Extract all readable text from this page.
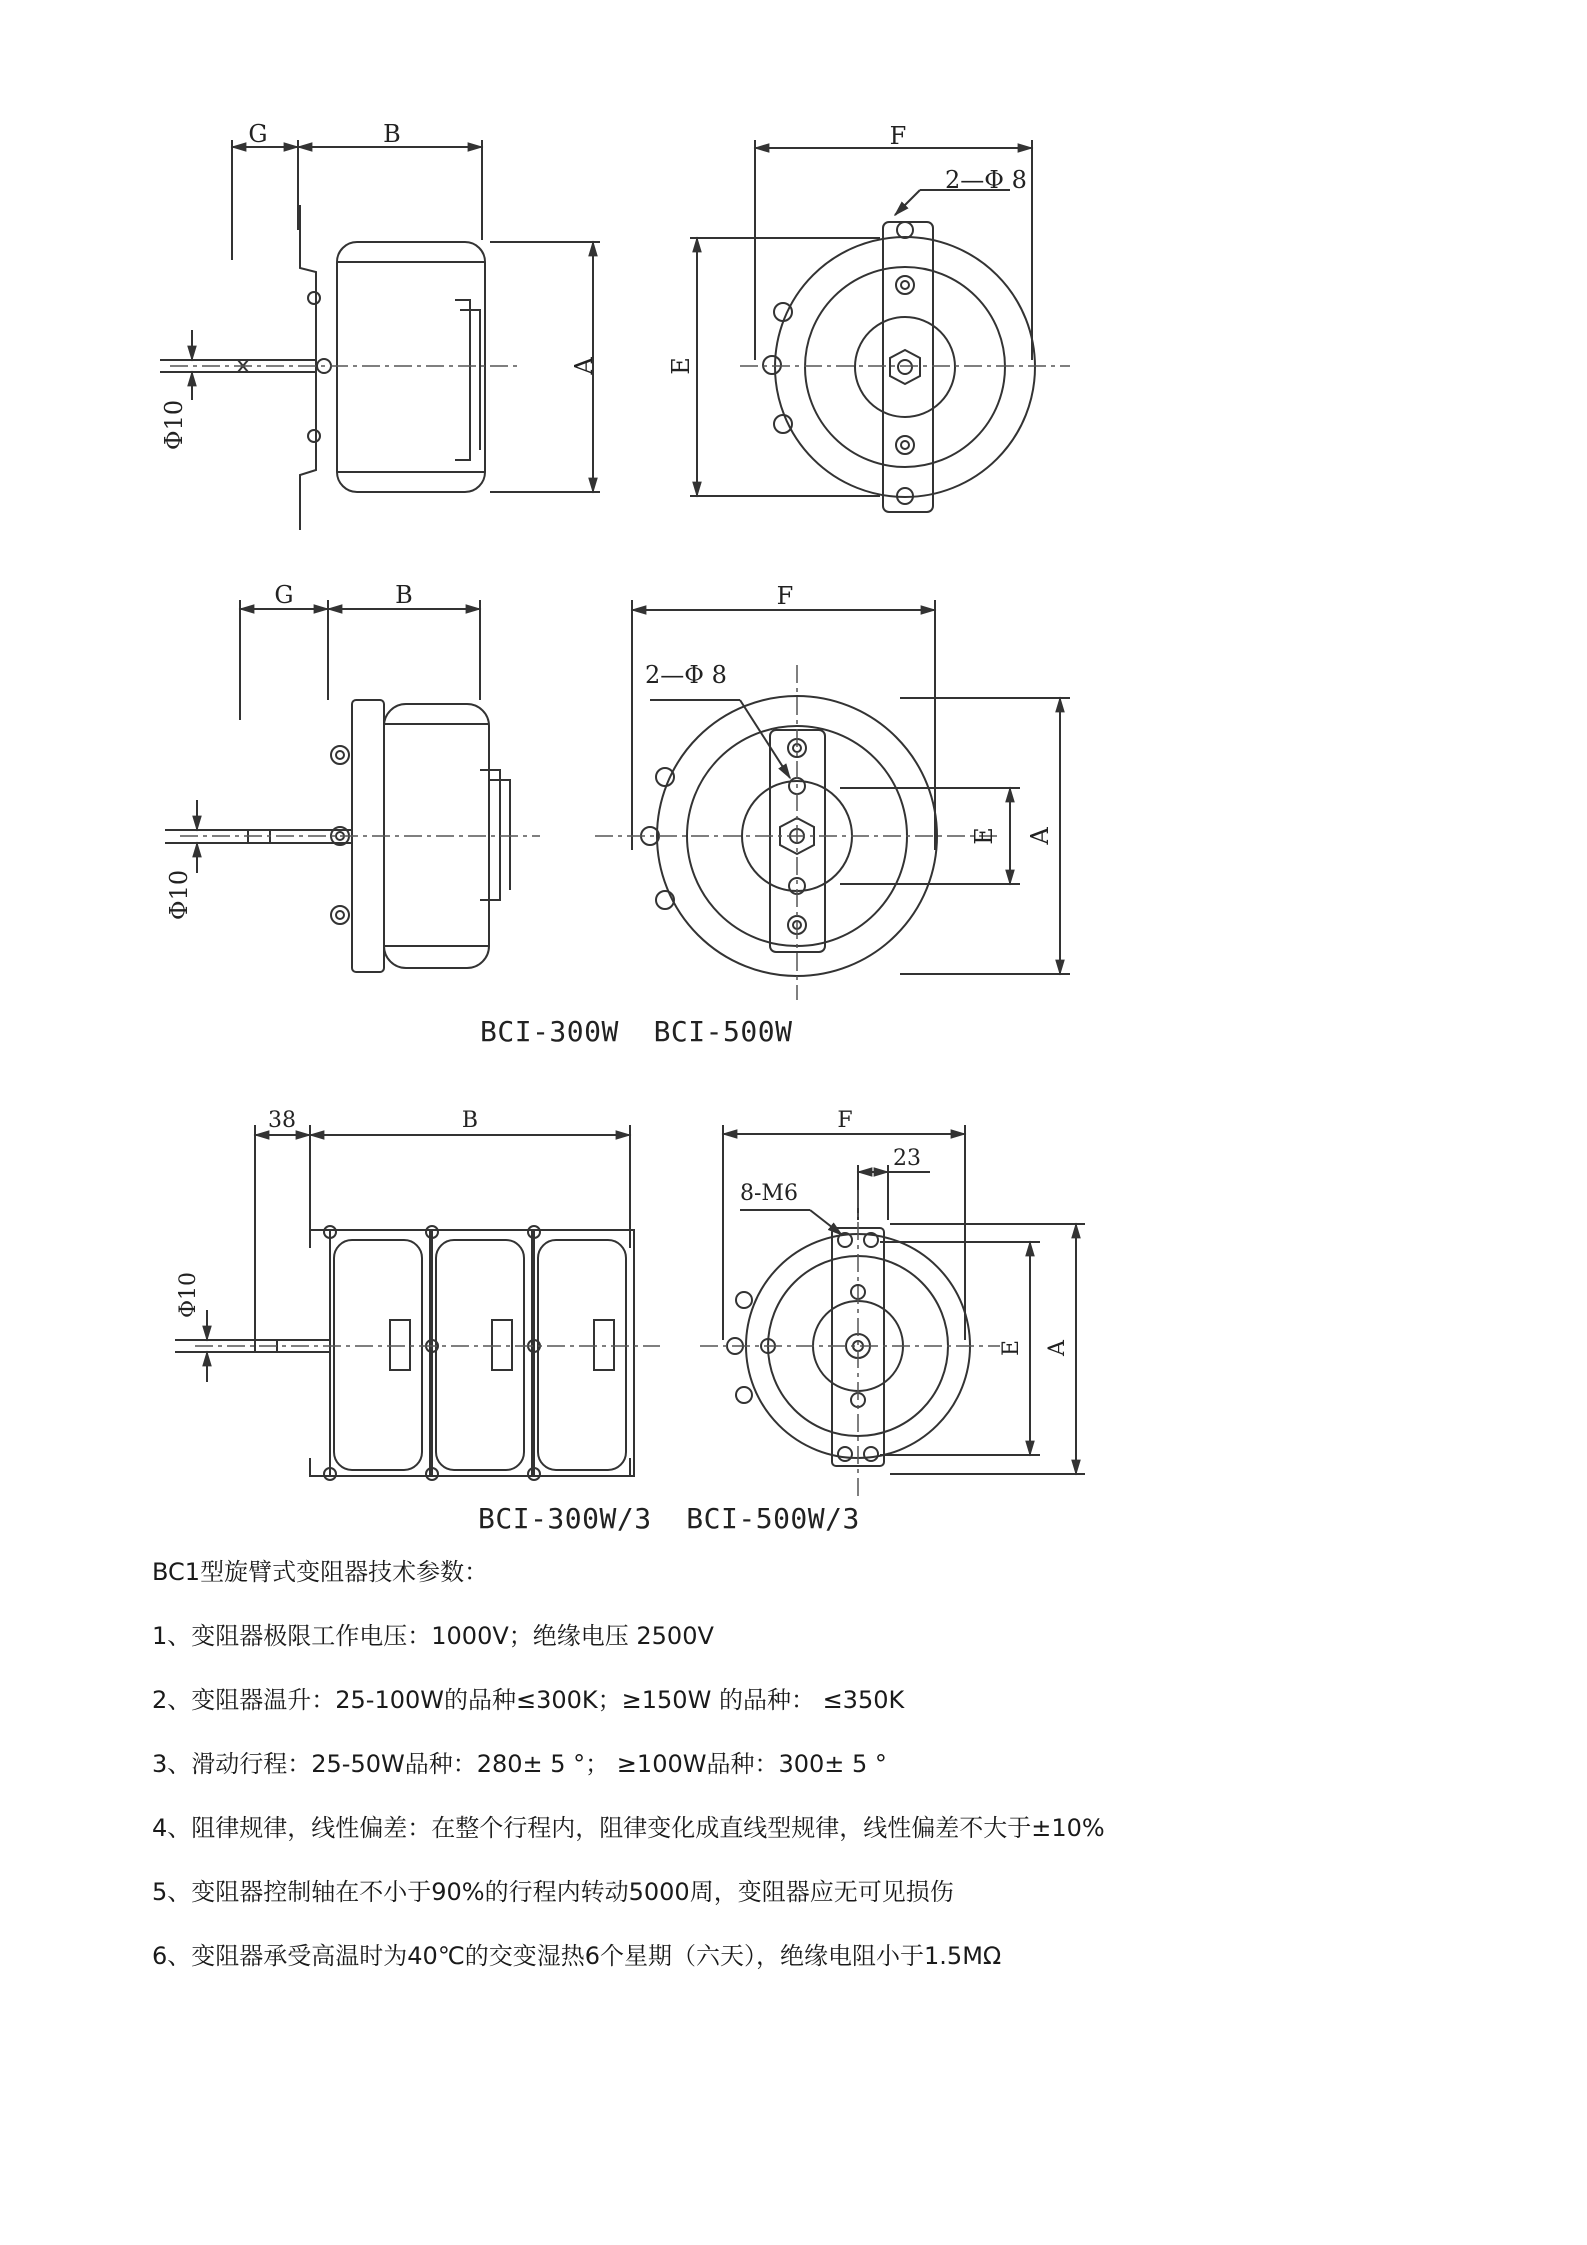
G	B
A
Φ10
F
E
2—Φ 8
G	B
Φ10
F
2—Φ 8
E A
38	B
Φ10
F
23
8-M6
E A
BCI-300W  BCI-500W
BCI-300W/3  BCI-500W/3
BC1型旋臂式变阻器技术参数：
1、变阻器极限工作电压：1000V；绝缘电压 2500V
2、变阻器温升：25-100W的品种≤300K；≥150W 的品种： ≤350K
3、滑动行程：25-50W品种：280± 5 °； ≥100W品种：300± 5 °
4、阻律规律，线性偏差：在整个行程内，阻律变化成直线型规律，线性偏差不大于±10%
5、变阻器控制轴在不小于90%的行程内转动5000周，变阻器应无可见损伤
6、变阻器承受高温时为40℃的交变湿热6个星期（六天），绝缘电阻小于1.5MΩ
